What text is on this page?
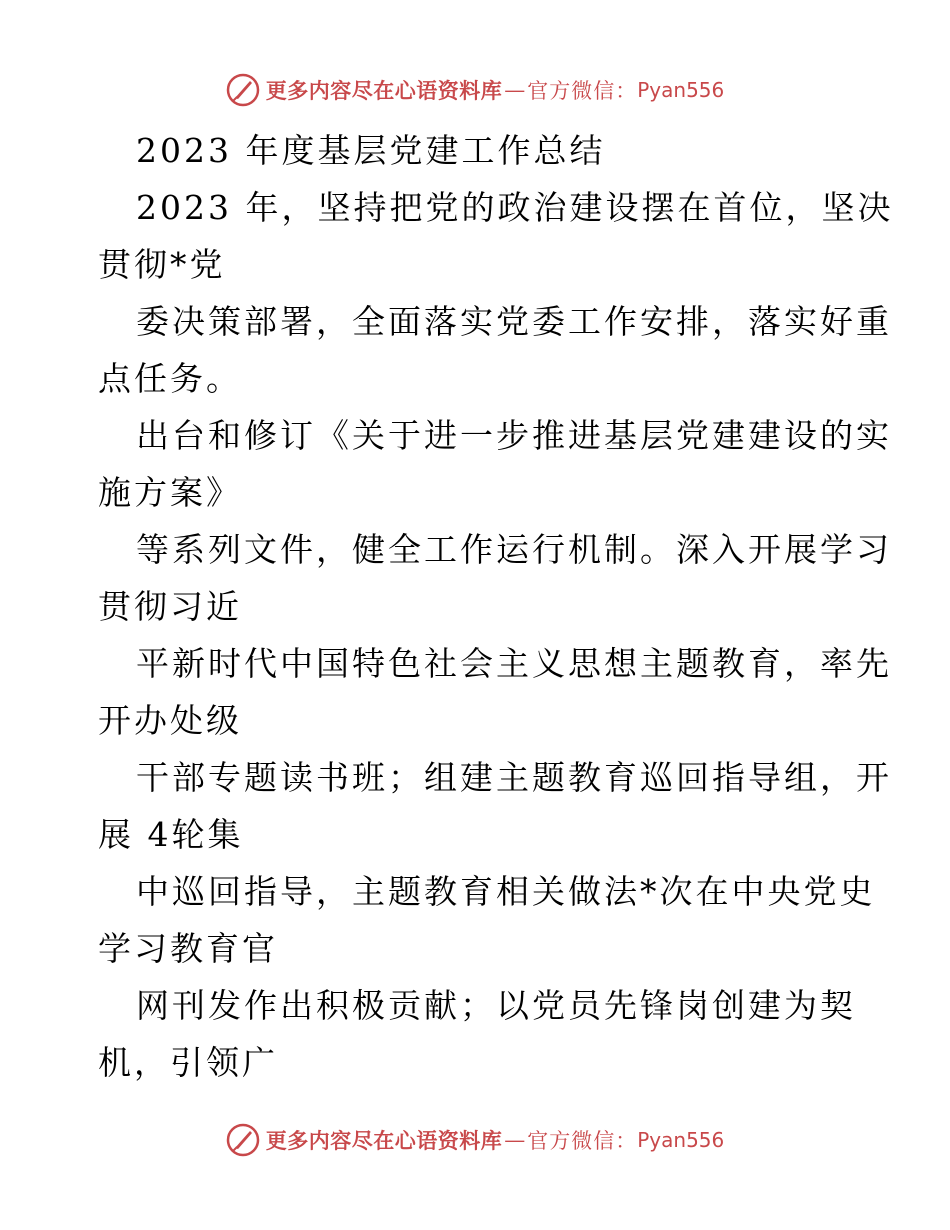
更多内容尽在心语资料库 — 官方微信： Pyan556
2023 年度基层党建工作总结
2023 年，坚持把党的政治建设摆在首位，坚决
贯彻*党
委决策部署，全面落实党委工作安排，落实好重
点任务。
出台和修订《关于进一步推进基层党建建设的实
施方案》
等系列文件，健全工作运行机制。深入开展学习
贯彻习近
平新时代中国特色社会主义思想主题教育，率先
开办处级
干部专题读书班；组建主题教育巡回指导组，开
展 4轮集
中巡回指导，主题教育相关做法*次在中央党史
学习教育官
网刊发作出积极贡献；以党员先锋岗创建为契
机，引领广
更多内容尽在心语资料库 — 官方微信： Pyan556
